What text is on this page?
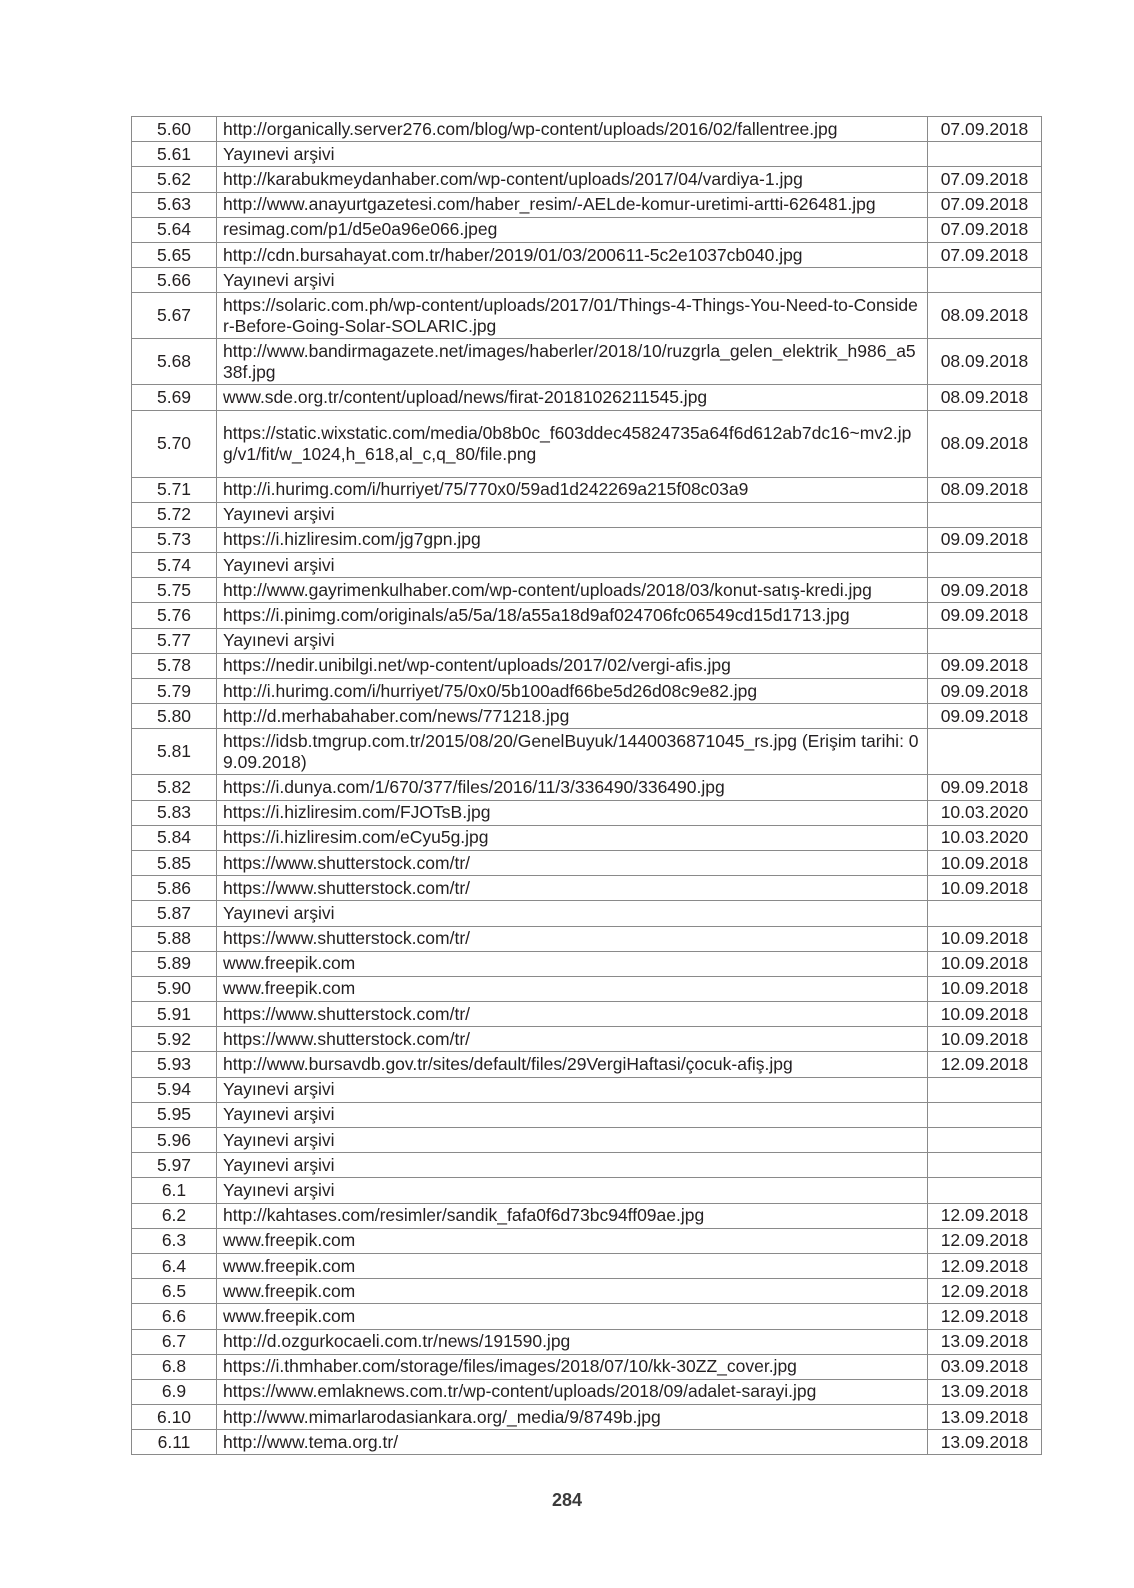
5.60	http://organically.server276.com/blog/wp-content/uploads/2016/02/fallentree.jpg	07.09.2018
5.61	Yayınevi arşivi	
5.62	http://karabukmeydanhaber.com/wp-content/uploads/2017/04/vardiya-1.jpg	07.09.2018
5.63	http://www.anayurtgazetesi.com/haber_resim/-AELde-komur-uretimi-artti-626481.jpg	07.09.2018
5.64	resimag.com/p1/d5e0a96e066.jpeg	07.09.2018
5.65	http://cdn.bursahayat.com.tr/haber/2019/01/03/200611-5c2e1037cb040.jpg	07.09.2018
5.66	Yayınevi arşivi	
5.67	https://solaric.com.ph/wp-content/uploads/2017/01/Things-4-Things-You-Need-to-Consider-Before-Going-Solar-SOLARIC.jpg	08.09.2018
5.68	http://www.bandirmagazete.net/images/haberler/2018/10/ruzgrla_gelen_elektrik_h986_a538f.jpg	08.09.2018
5.69	www.sde.org.tr/content/upload/news/firat-20181026211545.jpg	08.09.2018
5.70	https://static.wixstatic.com/media/0b8b0c_f603ddec45824735a64f6d612ab7dc16~mv2.jpg/v1/fit/w_1024,h_618,al_c,q_80/file.png	08.09.2018
5.71	http://i.hurimg.com/i/hurriyet/75/770x0/59ad1d242269a215f08c03a9	08.09.2018
5.72	Yayınevi arşivi	
5.73	https://i.hizliresim.com/jg7gpn.jpg	09.09.2018
5.74	Yayınevi arşivi	
5.75	http://www.gayrimenkulhaber.com/wp-content/uploads/2018/03/konut-satış-kredi.jpg	09.09.2018
5.76	https://i.pinimg.com/originals/a5/5a/18/a55a18d9af024706fc06549cd15d1713.jpg	09.09.2018
5.77	Yayınevi arşivi	
5.78	https://nedir.unibilgi.net/wp-content/uploads/2017/02/vergi-afis.jpg	09.09.2018
5.79	http://i.hurimg.com/i/hurriyet/75/0x0/5b100adf66be5d26d08c9e82.jpg	09.09.2018
5.80	http://d.merhabahaber.com/news/771218.jpg	09.09.2018
5.81	https://idsb.tmgrup.com.tr/2015/08/20/GenelBuyuk/1440036871045_rs.jpg (Erişim tarihi: 09.09.2018)	
5.82	https://i.dunya.com/1/670/377/files/2016/11/3/336490/336490.jpg	09.09.2018
5.83	https://i.hizliresim.com/FJOTsB.jpg	10.03.2020
5.84	https://i.hizliresim.com/eCyu5g.jpg	10.03.2020
5.85	https://www.shutterstock.com/tr/	10.09.2018
5.86	https://www.shutterstock.com/tr/	10.09.2018
5.87	Yayınevi arşivi	
5.88	https://www.shutterstock.com/tr/	10.09.2018
5.89	www.freepik.com	10.09.2018
5.90	www.freepik.com	10.09.2018
5.91	https://www.shutterstock.com/tr/	10.09.2018
5.92	https://www.shutterstock.com/tr/	10.09.2018
5.93	http://www.bursavdb.gov.tr/sites/default/files/29VergiHaftasi/çocuk-afiş.jpg	12.09.2018
5.94	Yayınevi arşivi	
5.95	Yayınevi arşivi	
5.96	Yayınevi arşivi	
5.97	Yayınevi arşivi	
6.1	Yayınevi arşivi	
6.2	http://kahtases.com/resimler/sandik_fafa0f6d73bc94ff09ae.jpg	12.09.2018
6.3	www.freepik.com	12.09.2018
6.4	www.freepik.com	12.09.2018
6.5	www.freepik.com	12.09.2018
6.6	www.freepik.com	12.09.2018
6.7	http://d.ozgurkocaeli.com.tr/news/191590.jpg	13.09.2018
6.8	https://i.thmhaber.com/storage/files/images/2018/07/10/kk-30ZZ_cover.jpg	03.09.2018
6.9	https://www.emlaknews.com.tr/wp-content/uploads/2018/09/adalet-sarayi.jpg	13.09.2018
6.10	http://www.mimarlarodasiankara.org/_media/9/8749b.jpg	13.09.2018
6.11	http://www.tema.org.tr/	13.09.2018
284
